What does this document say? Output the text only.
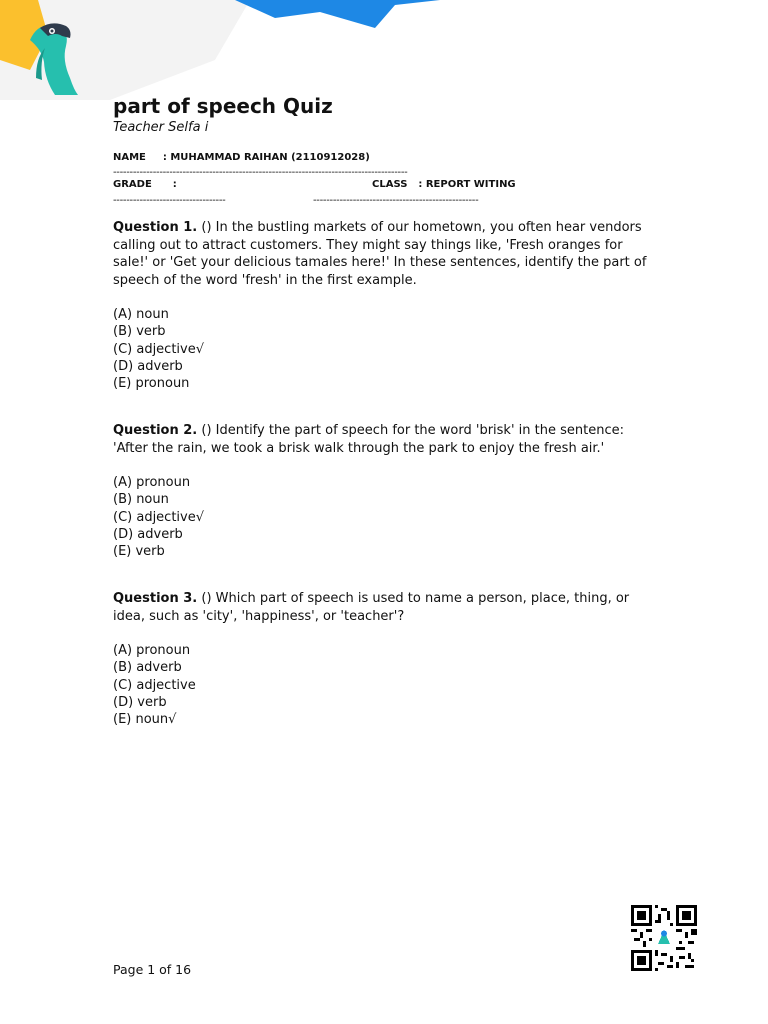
part of speech Quiz

Teacher Selfa i

NAME : MUHAMMAD RAIHAN (2110912028)
-----------------------------------------------------------------------------------------
GRADE :	CLASS : REPORT WITING
----------------------------------	--------------------------------------------------
Question 1. () In the bustling markets of our hometown, you often hear vendors calling out to attract customers. They might say things like, 'Fresh oranges for sale!' or 'Get your delicious tamales here!' In these sentences, identify the part of speech of the word 'fresh' in the first example.
(A) noun
(B) verb
(C) adjective√
(D) adverb
(E) pronoun
Question 2. () Identify the part of speech for the word 'brisk' in the sentence: 'After the rain, we took a brisk walk through the park to enjoy the fresh air.'
(A) pronoun
(B) noun
(C) adjective√
(D) adverb
(E) verb
Question 3. () Which part of speech is used to name a person, place, thing, or idea, such as 'city', 'happiness', or 'teacher'?
(A) pronoun
(B) adverb
(C) adjective
(D) verb
(E) noun√
Page 1 of 16
